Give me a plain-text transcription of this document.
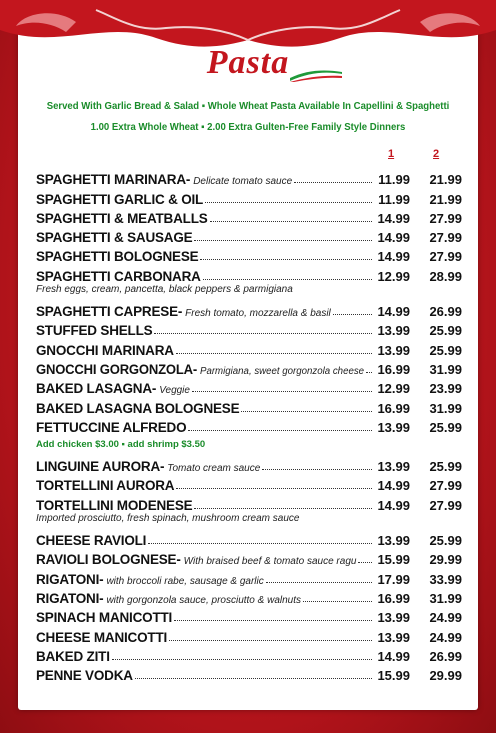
Pasta
Served With Garlic Bread & Salad ▪ Whole Wheat Pasta Available In Capellini & Spaghetti
1.00 Extra Whole Wheat ▪ 2.00 Extra Gulten-Free Family Style Dinners
1	2
SPAGHETTI MARINARA- Delicate tomato sauce	11.99	21.99
SPAGHETTI GARLIC & OIL	11.99	21.99
SPAGHETTI & MEATBALLS	14.99	27.99
SPAGHETTI & SAUSAGE	14.99	27.99
SPAGHETTI BOLOGNESE	14.99	27.99
SPAGHETTI CARBONARA	12.99	28.99
Fresh eggs, cream, pancetta, black peppers & parmigiana
SPAGHETTI CAPRESE- Fresh tomato, mozzarella & basil	14.99	26.99
STUFFED SHELLS	13.99	25.99
GNOCCHI MARINARA	13.99	25.99
GNOCCHI GORGONZOLA- Parmigiana, sweet gorgonzola cheese 16.99	31.99
BAKED LASAGNA- Veggie	12.99	23.99
BAKED LASAGNA BOLOGNESE	16.99	31.99
FETTUCCINE ALFREDO	13.99	25.99
Add chicken $3.00 ▪ add shrimp $3.50
LINGUINE AURORA- Tomato cream sauce	13.99	25.99
TORTELLINI AURORA	14.99	27.99
TORTELLINI MODENESE	14.99	27.99
Imported prosciutto, fresh spinach, mushroom cream sauce
CHEESE RAVIOLI	13.99	25.99
RAVIOLI BOLOGNESE- With braised beef & tomato sauce ragu 15.99	29.99
RIGATONI- with broccoli rabe, sausage & garlic	17.99	33.99
RIGATONI- with gorgonzola sauce, prosciutto & walnuts	16.99	31.99
SPINACH MANICOTTI	13.99	24.99
CHEESE MANICOTTI	13.99	24.99
BAKED ZITI	14.99	26.99
PENNE VODKA	15.99	29.99
